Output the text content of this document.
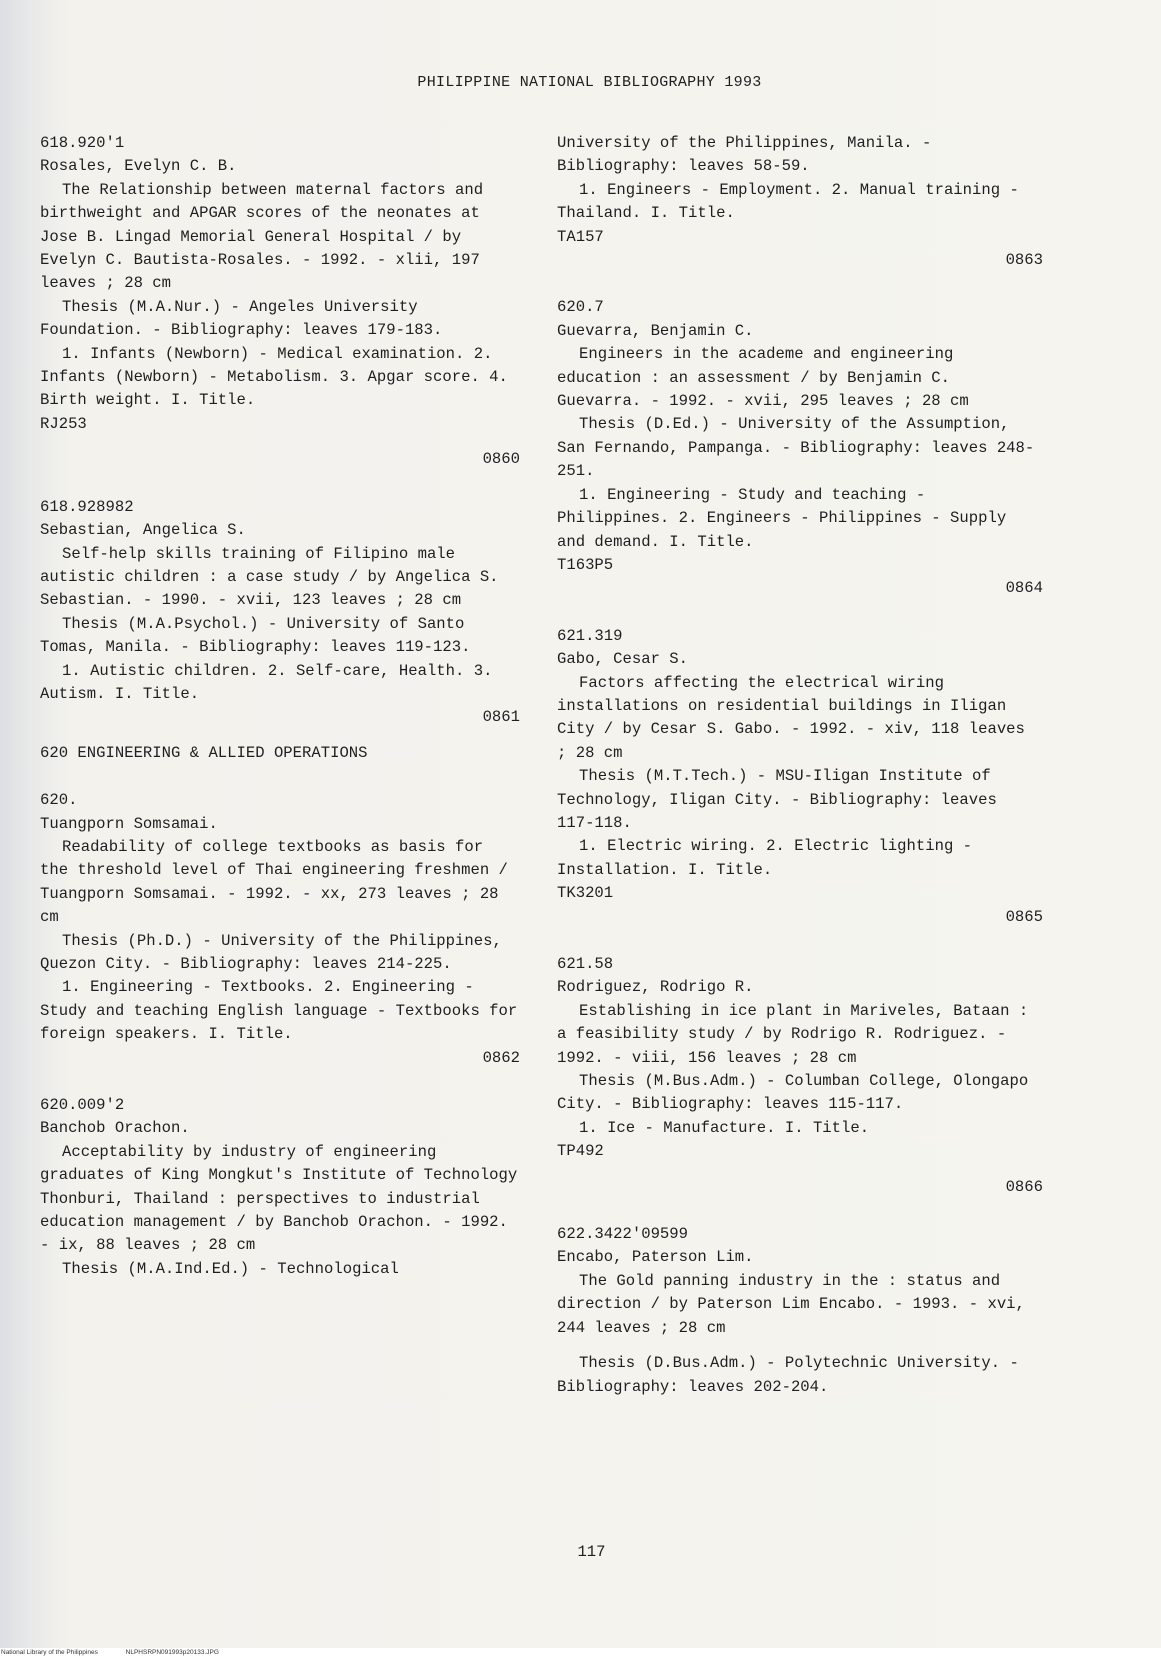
PHILIPPINE NATIONAL BIBLIOGRAPHY 1993

618.920'1

Rosales, Evelyn C. B.

The Relationship between maternal factors and birthweight and APGAR scores of the neonates at Jose B. Lingad Memorial General Hospital / by Evelyn C. Bautista-Rosales. - 1992. - xlii, 197 leaves ; 28 cm

Thesis (M.A.Nur.) - Angeles University Foundation. - Bibliography: leaves 179-183.

1. Infants (Newborn) - Medical examination. 2. Infants (Newborn) - Metabolism. 3. Apgar score. 4. Birth weight. I. Title.

RJ253

0860

618.928982

Sebastian, Angelica S.

Self-help skills training of Filipino male autistic children : a case study / by Angelica S. Sebastian. - 1990. - xvii, 123 leaves ; 28 cm

Thesis (M.A.Psychol.) - University of Santo Tomas, Manila. - Bibliography: leaves 119-123.

1. Autistic children. 2. Self-care, Health. 3. Autism. I. Title.

0861

620 ENGINEERING & ALLIED OPERATIONS

620.

Tuangporn Somsamai.

Readability of college textbooks as basis for the threshold level of Thai engineering freshmen / Tuangporn Somsamai. - 1992. - xx, 273 leaves ; 28 cm

Thesis (Ph.D.) - University of the Philippines, Quezon City. - Bibliography: leaves 214-225.

1. Engineering - Textbooks. 2. Engineering - Study and teaching English language - Textbooks for foreign speakers. I. Title.

0862

620.009'2

Banchob Orachon.

Acceptability by industry of engineering graduates of King Mongkut's Institute of Technology Thonburi, Thailand : perspectives to industrial education management / by Banchob Orachon. - 1992. - ix, 88 leaves ; 28 cm

Thesis (M.A.Ind.Ed.) - Technological

University of the Philippines, Manila. - Bibliography: leaves 58-59.

1. Engineers - Employment. 2. Manual training - Thailand. I. Title.

TA157

0863

620.7

Guevarra, Benjamin C.

Engineers in the academe and engineering education : an assessment / by Benjamin C. Guevarra. - 1992. - xvii, 295 leaves ; 28 cm

Thesis (D.Ed.) - University of the Assumption, San Fernando, Pampanga. - Bibliography: leaves 248-251.

1. Engineering - Study and teaching - Philippines. 2. Engineers - Philippines - Supply and demand. I. Title.

T163P5

0864

621.319

Gabo, Cesar S.

Factors affecting the electrical wiring installations on residential buildings in Iligan City / by Cesar S. Gabo. - 1992. - xiv, 118 leaves ; 28 cm

Thesis (M.T.Tech.) - MSU-Iligan Institute of Technology, Iligan City. - Bibliography: leaves 117-118.

1. Electric wiring. 2. Electric lighting - Installation. I. Title.

TK3201

0865

621.58

Rodriguez, Rodrigo R.

Establishing in ice plant in Mariveles, Bataan : a feasibility study / by Rodrigo R. Rodriguez. - 1992. - viii, 156 leaves ; 28 cm

Thesis (M.Bus.Adm.) - Columban College, Olongapo City. - Bibliography: leaves 115-117.

1. Ice - Manufacture. I. Title.

TP492

0866

622.3422'09599

Encabo, Paterson Lim.

The Gold panning industry in the : status and direction / by Paterson Lim Encabo. - 1993. - xvi, 244 leaves ; 28 cm

Thesis (D.Bus.Adm.) - Polytechnic University. - Bibliography: leaves 202-204.

117
National Library of the Philippines	NLPHSRPN091993p20133.JPG
